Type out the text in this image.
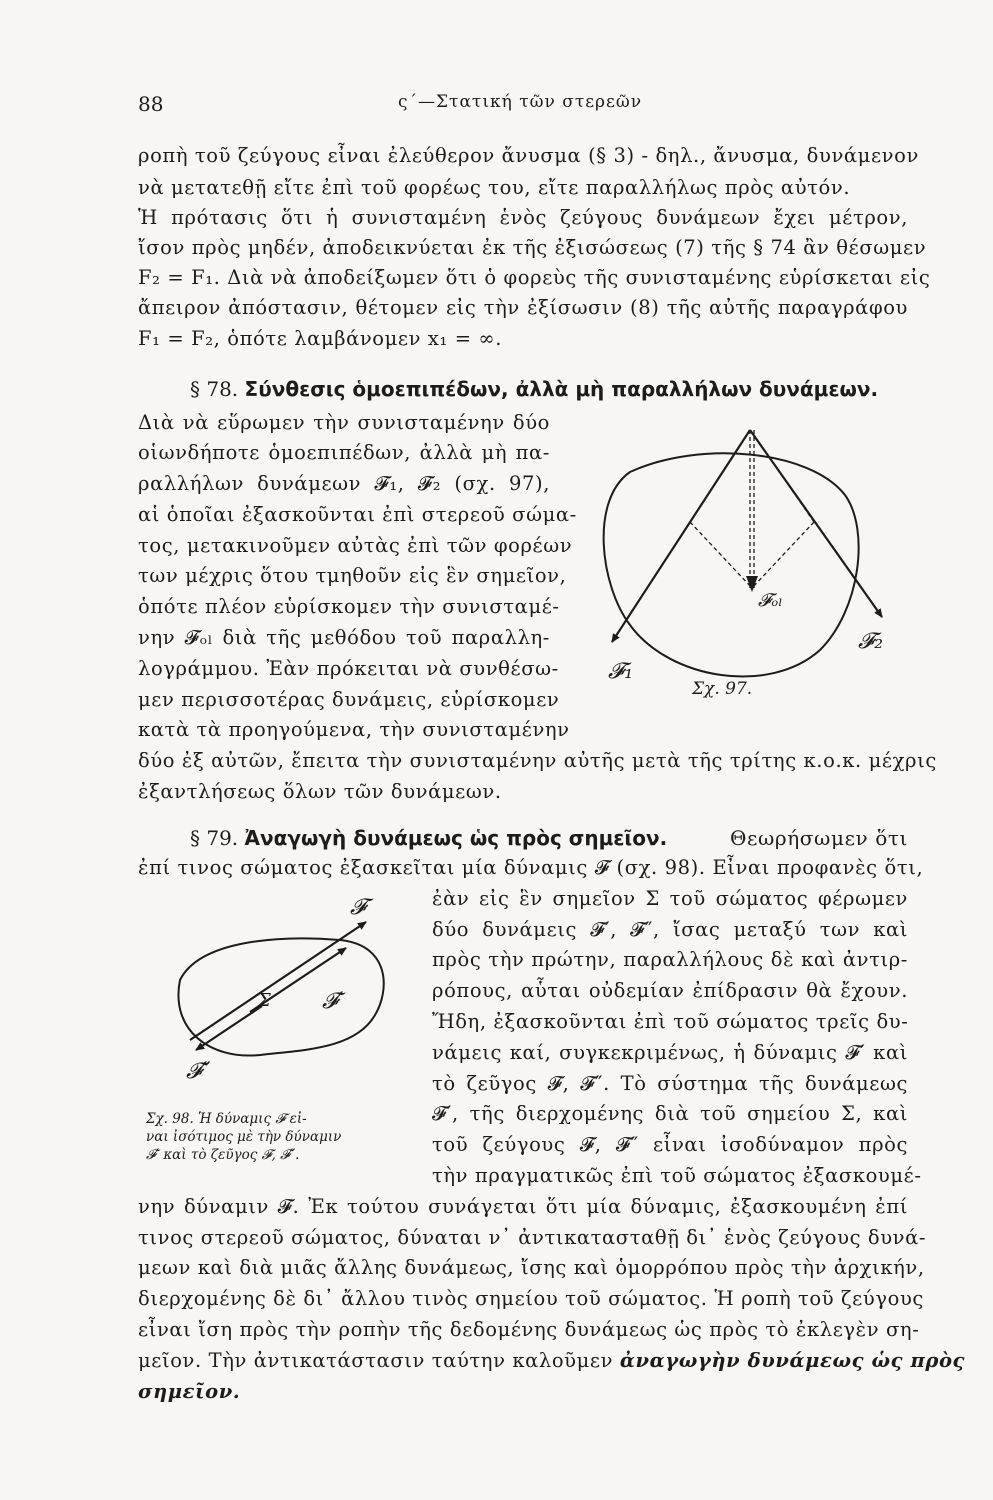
88	ς΄—Στατική τῶν στερεῶν
ροπὴ τοῦ ζεύγους εἶναι ἐλεύθερον ἄνυσμα (§ 3) - δηλ., ἄνυσμα, δυνάμενον
νὰ μετατεθῇ εἴτε ἐπὶ τοῦ φορέως του, εἴτε παραλλήλως πρὸς αὐτόν.
Ἡ πρότασις ὅτι ἡ συνισταμένη ἑνὸς ζεύγους δυνάμεων ἔχει μέτρον,
ἴσον πρὸς μηδέν, ἀποδεικνύεται ἐκ τῆς ἐξισώσεως (7) τῆς § 74 ἂν θέσωμεν
F₂ = F₁. Διὰ νὰ ἀποδείξωμεν ὅτι ὁ φορεὺς τῆς συνισταμένης εὑρίσκεται εἰς
ἄπειρον ἀπόστασιν, θέτομεν εἰς τὴν ἐξίσωσιν (8) τῆς αὐτῆς παραγράφου
F₁ = F₂, ὁπότε λαμβάνομεν x₁ = ∞.
§ 78. Σύνθεσις ὁμοεπιπέδων, ἀλλὰ μὴ παραλλήλων δυνάμεων.
Διὰ νὰ εὕρωμεν τὴν συνισταμένην δύο
οἱωνδήποτε ὁμοεπιπέδων, ἀλλὰ μὴ πα-
ραλλήλων δυνάμεων 𝓕₁, 𝓕₂ (σχ. 97),
αἱ ὁποῖαι ἐξασκοῦνται ἐπὶ στερεοῦ σώμα-
τος, μετακινοῦμεν αὐτὰς ἐπὶ τῶν φορέων
των μέχρις ὅτου τμηθοῦν εἰς ἓν σημεῖον,
ὁπότε πλέον εὑρίσκομεν τὴν συνισταμέ-
νην 𝓕ₒₗ διὰ τῆς μεθόδου τοῦ παραλλη-
λογράμμου. Ἐὰν πρόκειται νὰ συνθέσω-
μεν περισσοτέρας δυνάμεις, εὑρίσκομεν
κατὰ τὰ προηγούμενα, τὴν συνισταμένην
δύο ἐξ αὐτῶν, ἔπειτα τὴν συνισταμένην αὐτῆς μετὰ τῆς τρίτης κ.ο.κ. μέχρις
ἐξαντλήσεως ὅλων τῶν δυνάμεων.
𝓕₁
𝓕₂
𝓕ₒₗ
Σχ. 97.
§ 79. Ἀναγωγὴ δυνάμεως ὡς πρὸς σημεῖον.	Θεωρήσωμεν ὅτι
ἐπί τινος σώματος ἐξασκεῖται μία δύναμις 𝓕 (σχ. 98). Εἶναι προφανὲς ὅτι,
ἐὰν εἰς ἓν σημεῖον Σ τοῦ σώματος φέρωμεν
δύο δυνάμεις 𝓕′, 𝓕″, ἴσας μεταξύ των καὶ
πρὸς τὴν πρώτην, παραλλήλους δὲ καὶ ἀντιρ-
ρόπους, αὗται οὐδεμίαν ἐπίδρασιν θὰ ἔχουν.
Ἤδη, ἐξασκοῦνται ἐπὶ τοῦ σώματος τρεῖς δυ-
νάμεις καί, συγκεκριμένως, ἡ δύναμις 𝓕′ καὶ
τὸ ζεῦγος 𝓕, 𝓕″. Τὸ σύστημα τῆς δυνάμεως
𝓕′, τῆς διερχομένης διὰ τοῦ σημείου Σ, καὶ
τοῦ ζεύγους 𝓕, 𝓕″ εἶναι ἰσοδύναμον πρὸς
τὴν πραγματικῶς ἐπὶ τοῦ σώματος ἐξασκουμέ-
𝓕
𝓕′
𝓕″
Σ
Σχ. 98. Ἡ δύναμις 𝓕 εἰ-
ναι ἰσότιμος μὲ τὴν δύναμιν
𝓕′ καὶ τὸ ζεῦγος 𝓕, 𝓕″.
νην δύναμιν 𝓕. Ἐκ τούτου συνάγεται ὅτι μία δύναμις, ἐξασκουμένη ἐπί
τινος στερεοῦ σώματος, δύναται ν᾽ ἀντικατασταθῇ δι᾽ ἑνὸς ζεύγους δυνά-
μεων καὶ διὰ μιᾶς ἄλλης δυνάμεως, ἴσης καὶ ὁμορρόπου πρὸς τὴν ἀρχικήν,
διερχομένης δὲ δι᾽ ἄλλου τινὸς σημείου τοῦ σώματος. Ἡ ροπὴ τοῦ ζεύγους
εἶναι ἴση πρὸς τὴν ροπὴν τῆς δεδομένης δυνάμεως ὡς πρὸς τὸ ἐκλεγὲν ση-
μεῖον. Τὴν ἀντικατάστασιν ταύτην καλοῦμεν ἀναγωγὴν δυνάμεως ὡς πρὸς
σημεῖον.
